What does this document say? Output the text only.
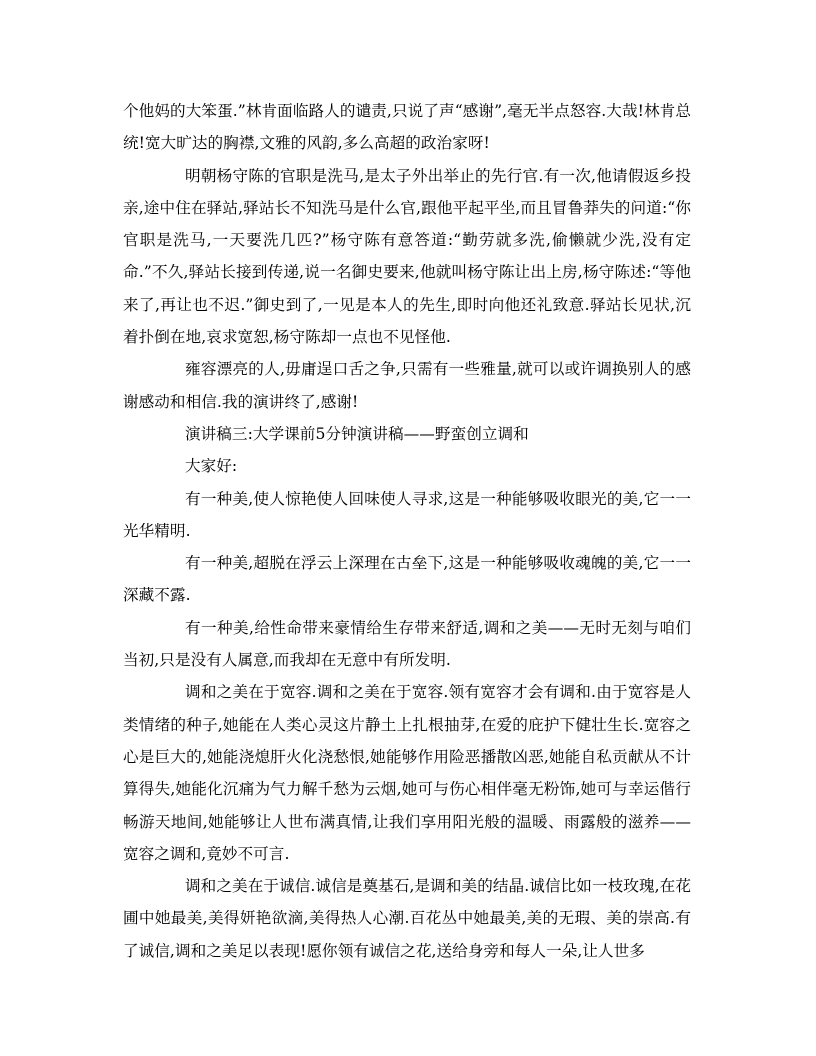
个他妈的大笨蛋.”林肯面临路人的谴责,只说了声“感谢”,毫无半点怒容.大哉!林肯总统!宽大旷达的胸襟,文雅的风韵,多么高超的政治家呀!

明朝杨守陈的官职是洗马,是太子外出举止的先行官.有一次,他请假返乡投亲,途中住在驿站,驿站长不知洗马是什么官,跟他平起平坐,而且冒鲁莽失的问道:“你官职是洗马,一天要洗几匹?”杨守陈有意答道:“勤劳就多洗,偷懒就少洗,没有定命.”不久,驿站长接到传递,说一名御史要来,他就叫杨守陈让出上房,杨守陈述:“等他来了,再让也不迟.”御史到了,一见是本人的先生,即时向他还礼致意.驿站长见状,沉着扑倒在地,哀求宽恕,杨守陈却一点也不见怪他.

雍容漂亮的人,毋庸逞口舌之争,只需有一些雅量,就可以或许调换别人的感谢感动和相信.我的演讲终了,感谢!

演讲稿三:大学课前5分钟演讲稿——野蛮创立调和

大家好:

有一种美,使人惊艳使人回味使人寻求,这是一种能够吸收眼光的美,它一一光华精明.

有一种美,超脱在浮云上深理在古垒下,这是一种能够吸收魂魄的美,它一一深藏不露.

有一种美,给性命带来豪情给生存带来舒适,调和之美——无时无刻与咱们当初,只是没有人属意,而我却在无意中有所发明.

调和之美在于宽容.调和之美在于宽容.领有宽容才会有调和.由于宽容是人类情绪的种子,她能在人类心灵这片静土上扎根抽芽,在爱的庇护下健壮生长.宽容之心是巨大的,她能浇熄肝火化浇愁恨,她能够作用险恶播散凶恶,她能自私贡献从不计算得失,她能化沉痛为气力解千愁为云烟,她可与伤心相伴毫无粉饰,她可与幸运偕行畅游天地间,她能够让人世布满真情,让我们享用阳光般的温暖、雨露般的滋养——宽容之调和,竟妙不可言.

调和之美在于诚信.诚信是奠基石,是调和美的结晶.诚信比如一枝玫瑰,在花圃中她最美,美得妍艳欲滴,美得热人心潮.百花丛中她最美,美的无瑕、美的崇高.有了诚信,调和之美足以表现!愿你领有诚信之花,送给身旁和每人一朵,让人世多
